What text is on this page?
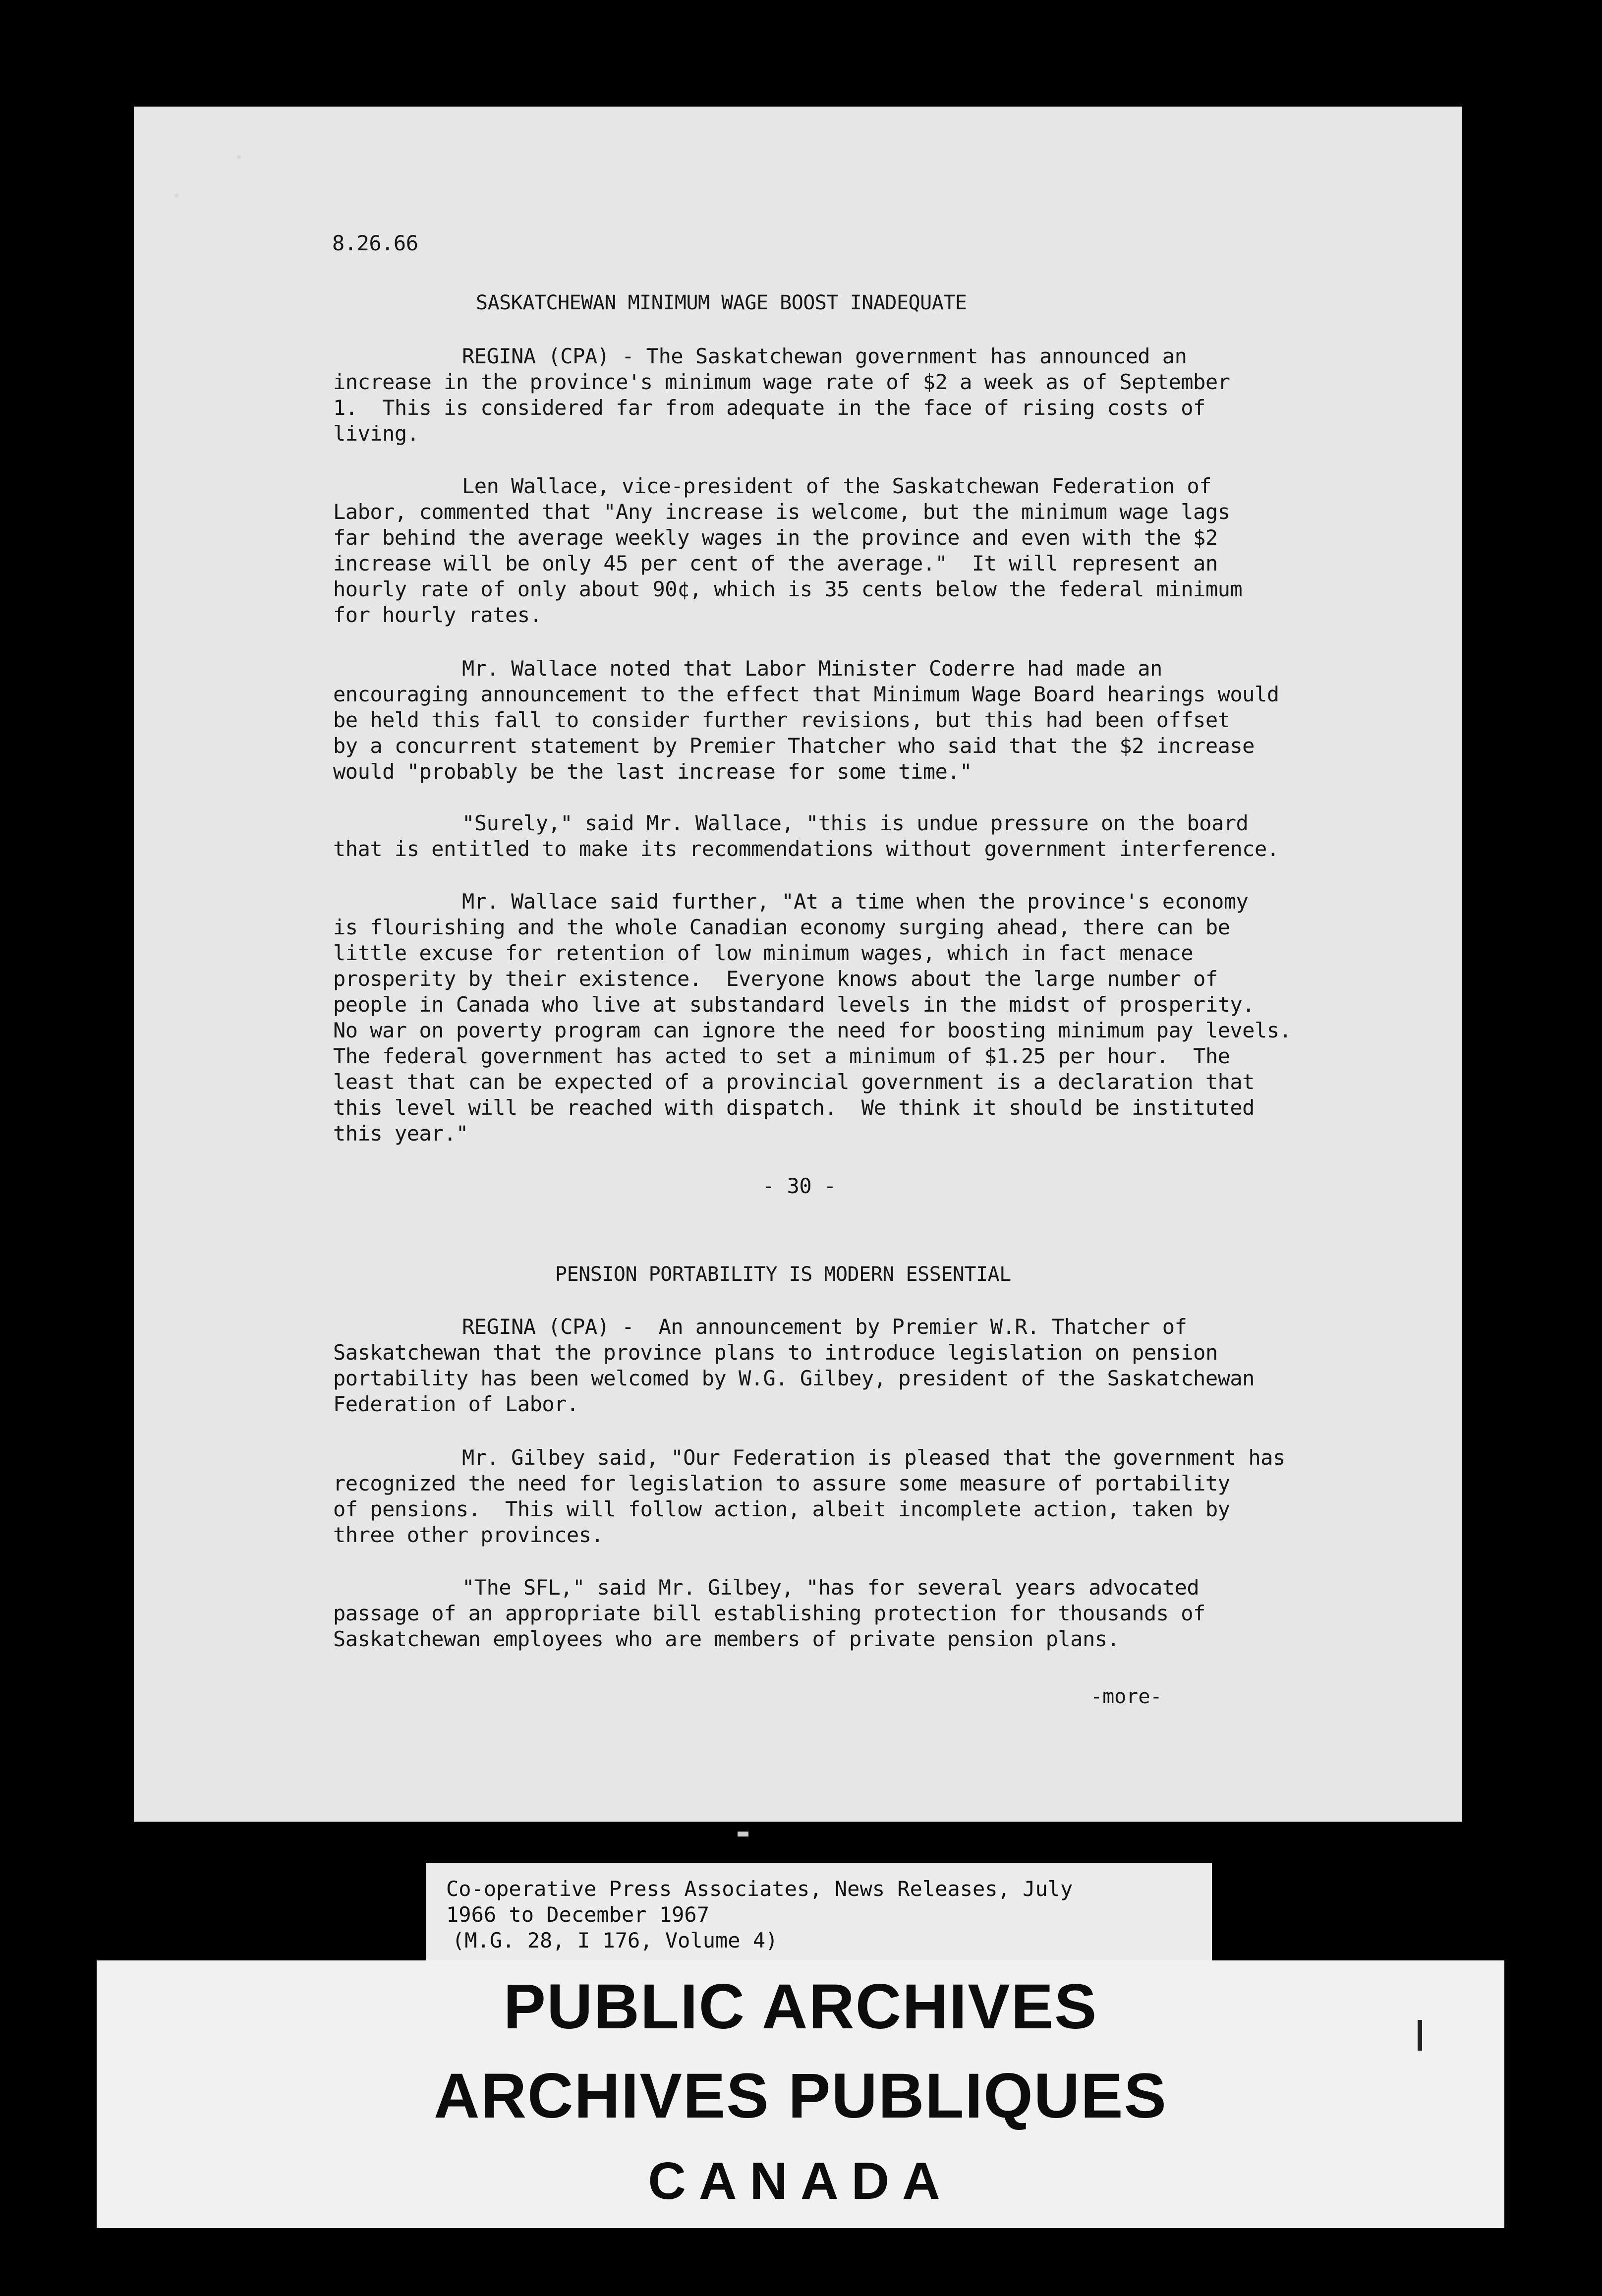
8.26.66
SASKATCHEWAN MINIMUM WAGE BOOST INADEQUATE
REGINA (CPA) - The Saskatchewan government has announced an
increase in the province's minimum wage rate of $2 a week as of September
1.  This is considered far from adequate in the face of rising costs of
living.
Len Wallace, vice-president of the Saskatchewan Federation of
Labor, commented that "Any increase is welcome, but the minimum wage lags
far behind the average weekly wages in the province and even with the $2
increase will be only 45 per cent of the average."  It will represent an
hourly rate of only about 90¢, which is 35 cents below the federal minimum
for hourly rates.
Mr. Wallace noted that Labor Minister Coderre had made an
encouraging announcement to the effect that Minimum Wage Board hearings would
be held this fall to consider further revisions, but this had been offset
by a concurrent statement by Premier Thatcher who said that the $2 increase
would "probably be the last increase for some time."
"Surely," said Mr. Wallace, "this is undue pressure on the board
that is entitled to make its recommendations without government interference.
Mr. Wallace said further, "At a time when the province's economy
is flourishing and the whole Canadian economy surging ahead, there can be
little excuse for retention of low minimum wages, which in fact menace
prosperity by their existence.  Everyone knows about the large number of
people in Canada who live at substandard levels in the midst of prosperity.
No war on poverty program can ignore the need for boosting minimum pay levels.
The federal government has acted to set a minimum of $1.25 per hour.  The
least that can be expected of a provincial government is a declaration that
this level will be reached with dispatch.  We think it should be instituted
this year."
- 30 -
PENSION PORTABILITY IS MODERN ESSENTIAL
REGINA (CPA) -  An announcement by Premier W.R. Thatcher of
Saskatchewan that the province plans to introduce legislation on pension
portability has been welcomed by W.G. Gilbey, president of the Saskatchewan
Federation of Labor.
Mr. Gilbey said, "Our Federation is pleased that the government has
recognized the need for legislation to assure some measure of portability
of pensions.  This will follow action, albeit incomplete action, taken by
three other provinces.
"The SFL," said Mr. Gilbey, "has for several years advocated
passage of an appropriate bill establishing protection for thousands of
Saskatchewan employees who are members of private pension plans.
-more-
Co-operative Press Associates, News Releases, July
1966 to December 1967
(M.G. 28, I 176, Volume 4)
PUBLIC ARCHIVES
ARCHIVES PUBLIQUES
CANADA
